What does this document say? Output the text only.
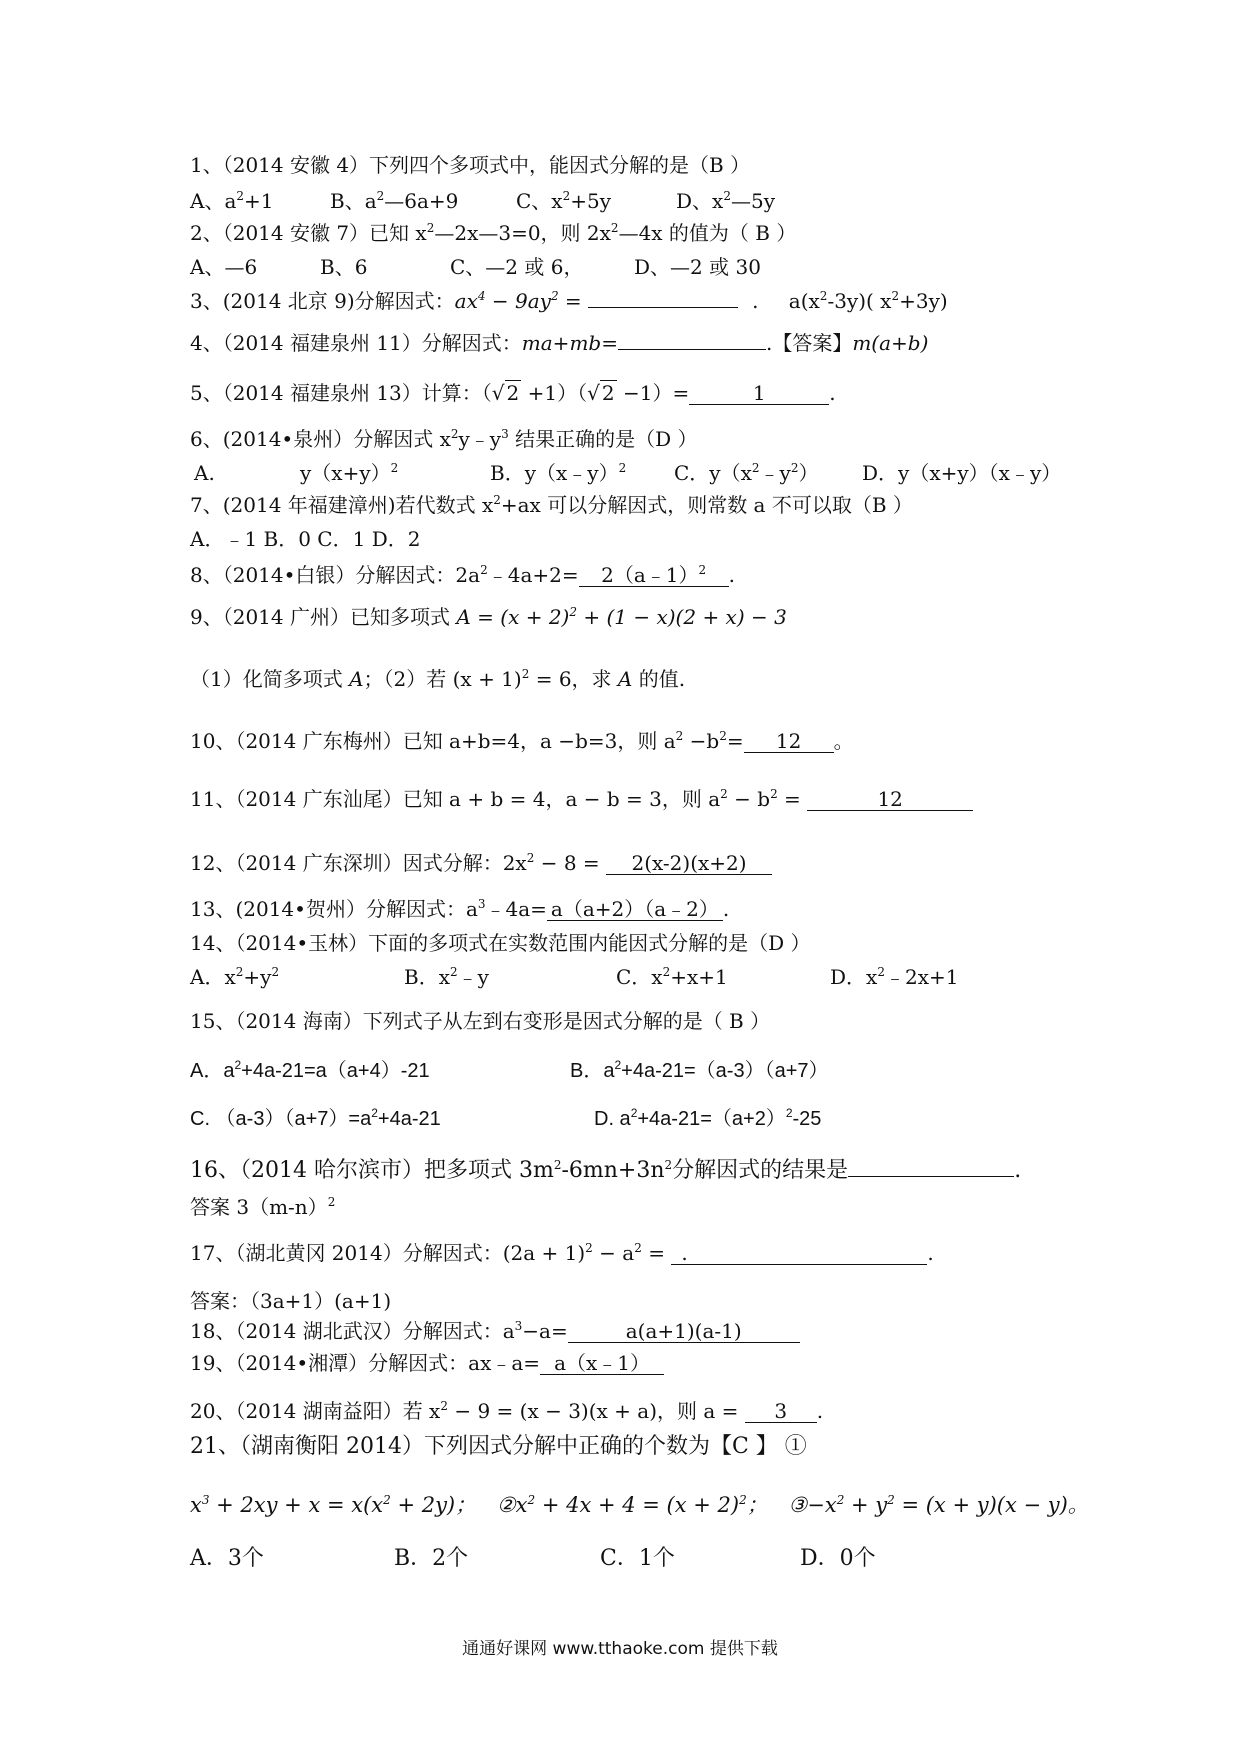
1、（2014 安徽 4）下列四个多项式中，能因式分解的是（B ）
A、$a^2+1$	B、$a^2—6a+9$	C、$x^2+5y$	D、$x^2—5y$
2、（2014 安徽 7）已知 $x^2—2x—3=0$，则 $2x^2—4x$ 的值为（ B ）
A、—6	B、6	C、—2 或 6，	D、—2 或 30
3、(2014 北京 9)分解因式：$ax^4 - 9ay^2$ =	. $a(x^2-3y)$( $x^2+3y$)
4、（2014 福建泉州 11）分解因式：ma+mb=	.【答案】m(a+b)
5、（2014 福建泉州 13）计算：（√ 2 +1）（√ 2 −1）=	1	.
6、(2014•泉州）分解因式 $x^2y﹣y^3$ 结果正确的是（D ）
A.	$y(x+y)^2$	B．y（x﹣y）$^2$ C．$y(x^2﹣y^2)$ D．y（x+y）（x﹣y）
7、(2014 年福建漳州)若代数式 $x^2+ax$ 可以分解因式，则常数 a 不可以取（B ）
A．﹣1 B．0 C．1 D．2
8、（2014•白银）分解因式：$2a^2﹣4a+2=$ 2（a﹣1）$^2$ .
9、（2014 广州）已知多项式 $A = (x + 2)^2 + (1 - x)(2 + x) - 3$
（1）化简多项式 A；（2）若 $(x + 1)^2 = 6$，求 A 的值.
10、（2014 广东梅州）已知 a+b=4，a −b=3，则 $a^2 -b^2= 12$ 。
11、（2014 广东汕尾）已知 a + b = 4，a − b = 3，则 $a^2 - b^2$ =	12
12、（2014 广东深圳）因式分解：$2x^2 - 8 = 2(x-2)(x+2)$
13、(2014•贺州）分解因式：$a^3﹣4a=$ a（a+2）（a﹣2） .
14、（2014•玉林）下面的多项式在实数范围内能因式分解的是（D ）
A．$x^2+y^2$	B．$x^2﹣y$	C．$x^2+x+1$	D．$x^2﹣2x+1$
15、（2014 海南）下列式子从左到右变形是因式分解的是（ B ）
A．$a^2+4a-21=a(a+4)-21$	B．$a^2+4a-21=(a-3)(a+7)$
C. $(a-3)(a+7)=a^2+4a-21$	D. $a^2+4a-21=(a+2)^2-25$
16、（2014 哈尔滨市）把多项式 $3m^2-6mn+3n^2$分解因式的结果是	.
答案 $3(m-n)^2$
17、（湖北黄冈 2014）分解因式：$(2a + 1)^2 - a^2$ = .	.
答案：（3a+1）(a+1)
18、（2014 湖北武汉）分解因式：$a^3-a=$	a(a+1)(a-1)
19、（2014•湘潭）分解因式：ax﹣a= a（x﹣1）
20、（2014 湖南益阳）若 $x^2 - 9 = (x - 3)(x + a)$，则 a = 3 .
21、（湖南衡阳 2014）下列因式分解中正确的个数为【C 】 ①
$x^3 + 2xy + x = x(x^2 + 2y)$； $②x^2 + 4x + 4 = (x + 2)^2$； $③-x^2 + y^2 = (x + y)(x - y)$。
A．3个	B．2个	C．1个	D．0个
通通好课网 www.tthaoke.com 提供下载
